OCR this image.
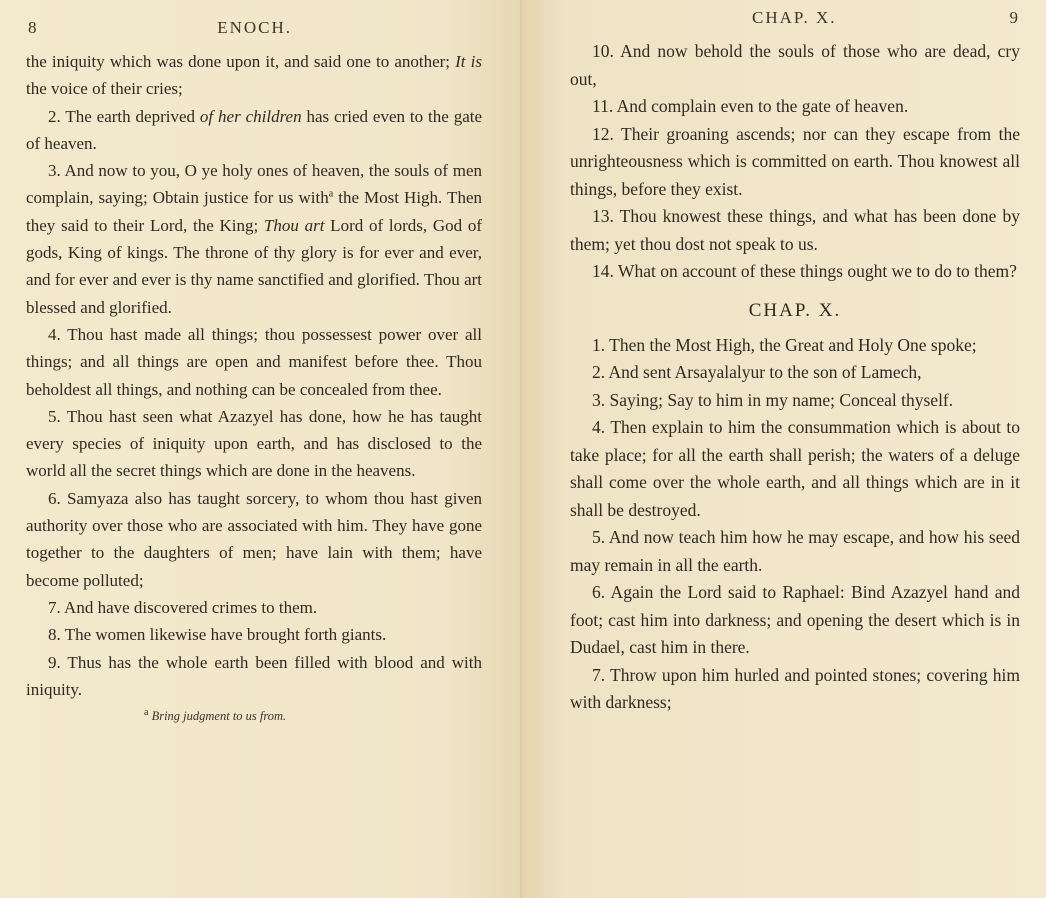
8	ENOCH.

the iniquity which was done upon it, and said one to another; It is the voice of their cries;

2. The earth deprived of her children has cried even to the gate of heaven.

3. And now to you, O ye holy ones of heaven, the souls of men complain, saying; Obtain justice for us with$^a$ the Most High. Then they said to their Lord, the King; Thou art Lord of lords, God of gods, King of kings. The throne of thy glory is for ever and ever, and for ever and ever is thy name sanctified and glorified. Thou art blessed and glorified.

4. Thou hast made all things; thou possessest power over all things; and all things are open and manifest before thee. Thou beholdest all things, and nothing can be concealed from thee.

5. Thou hast seen what Azazyel has done, how he has taught every species of iniquity upon earth, and has disclosed to the world all the secret things which are done in the heavens.

6. Samyaza also has taught sorcery, to whom thou hast given authority over those who are associated with him. They have gone together to the daughters of men; have lain with them; have become polluted;

7. And have discovered crimes to them.

8. The women likewise have brought forth giants.

9. Thus has the whole earth been filled with blood and with iniquity.

$^a$ Bring judgment to us from.
CHAP. X.	9

10. And now behold the souls of those who are dead, cry out,

11. And complain even to the gate of heaven.

12. Their groaning ascends; nor can they escape from the unrighteousness which is committed on earth. Thou knowest all things, before they exist.

13. Thou knowest these things, and what has been done by them; yet thou dost not speak to us.

14. What on account of these things ought we to do to them?

CHAP. X.

1. Then the Most High, the Great and Holy One spoke;

2. And sent Arsayalalyur to the son of Lamech,

3. Saying; Say to him in my name; Conceal thyself.

4. Then explain to him the consummation which is about to take place; for all the earth shall perish; the waters of a deluge shall come over the whole earth, and all things which are in it shall be destroyed.

5. And now teach him how he may escape, and how his seed may remain in all the earth.

6. Again the Lord said to Raphael: Bind Azazyel hand and foot; cast him into darkness; and opening the desert which is in Dudael, cast him in there.

7. Throw upon him hurled and pointed stones; covering him with darkness;
